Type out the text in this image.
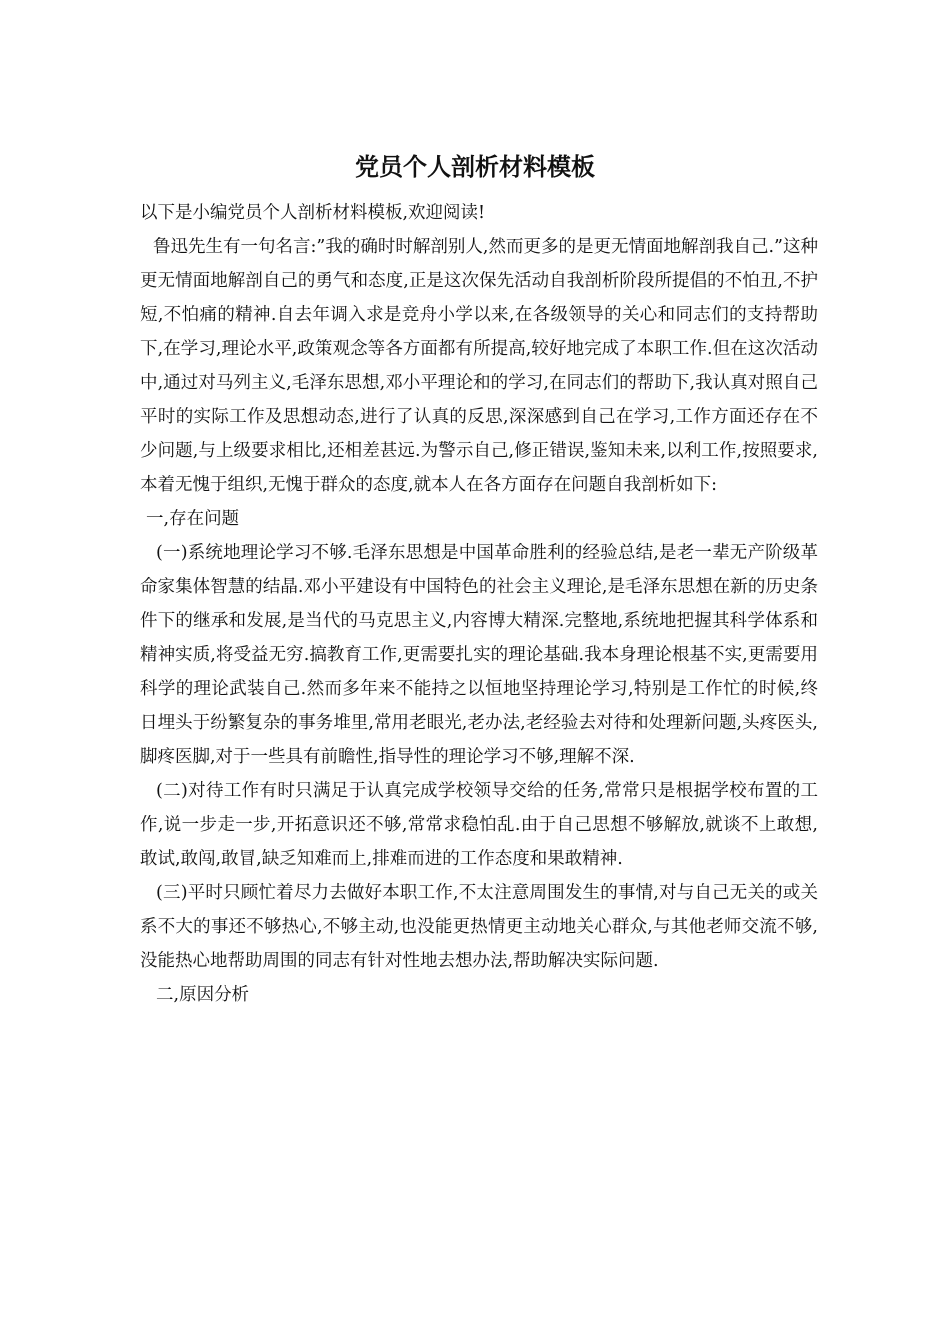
党员个人剖析材料模板

以下是小编党员个人剖析材料模板,欢迎阅读!

鲁迅先生有一句名言:”我的确时时解剖别人,然而更多的是更无情面地解剖我自己.”这种更无情面地解剖自己的勇气和态度,正是这次保先活动自我剖析阶段所提倡的不怕丑,不护短,不怕痛的精神.自去年调入求是竞舟小学以来,在各级领导的关心和同志们的支持帮助下,在学习,理论水平,政策观念等各方面都有所提高,较好地完成了本职工作.但在这次活动中,通过对马列主义,毛泽东思想,邓小平理论和的学习,在同志们的帮助下,我认真对照自己平时的实际工作及思想动态,进行了认真的反思,深深感到自己在学习,工作方面还存在不少问题,与上级要求相比,还相差甚远.为警示自己,修正错误,鉴知未来,以利工作,按照要求,本着无愧于组织,无愧于群众的态度,就本人在各方面存在问题自我剖析如下:

一,存在问题

(一)系统地理论学习不够.毛泽东思想是中国革命胜利的经验总结,是老一辈无产阶级革命家集体智慧的结晶.邓小平建设有中国特色的社会主义理论,是毛泽东思想在新的历史条件下的继承和发展,是当代的马克思主义,内容博大精深.完整地,系统地把握其科学体系和精神实质,将受益无穷.搞教育工作,更需要扎实的理论基础.我本身理论根基不实,更需要用科学的理论武装自己.然而多年来不能持之以恒地坚持理论学习,特别是工作忙的时候,终日埋头于纷繁复杂的事务堆里,常用老眼光,老办法,老经验去对待和处理新问题,头疼医头,脚疼医脚,对于一些具有前瞻性,指导性的理论学习不够,理解不深.

(二)对待工作有时只满足于认真完成学校领导交给的任务,常常只是根据学校布置的工作,说一步走一步,开拓意识还不够,常常求稳怕乱.由于自己思想不够解放,就谈不上敢想,敢试,敢闯,敢冒,缺乏知难而上,排难而进的工作态度和果敢精神.

(三)平时只顾忙着尽力去做好本职工作,不太注意周围发生的事情,对与自己无关的或关系不大的事还不够热心,不够主动,也没能更热情更主动地关心群众,与其他老师交流不够,没能热心地帮助周围的同志有针对性地去想办法,帮助解决实际问题.

二,原因分析
